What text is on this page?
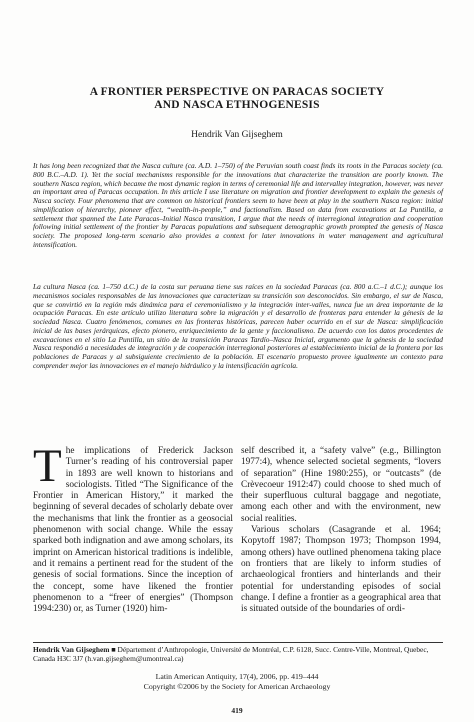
A FRONTIER PERSPECTIVE ON PARACAS SOCIETY
AND NASCA ETHNOGENESIS
Hendrik Van Gijseghem
It has long been recognized that the Nasca culture (ca. A.D. 1–750) of the Peruvian south coast finds its roots in the Paracas society (ca. 800 B.C.–A.D. 1). Yet the social mechanisms responsible for the innovations that characterize the transition are poorly known. The southern Nasca region, which became the most dynamic region in terms of ceremonial life and intervalley integration, however, was never an important area of Paracas occupation. In this article I use literature on migration and frontier development to explain the genesis of Nasca society. Four phenomena that are common on historical frontiers seem to have been at play in the southern Nasca region: initial simplification of hierarchy, pioneer effect, “wealth-in-people,” and factionalism. Based on data from excavations at La Puntilla, a settlement that spanned the Late Paracas–Initial Nasca transition, I argue that the needs of interregional integration and cooperation following initial settlement of the frontier by Paracas populations and subsequent demographic growth prompted the genesis of Nasca society. The proposed long-term scenario also provides a context for later innovations in water management and agricultural intensification.
La cultura Nasca (ca. 1–750 d.C.) de la costa sur peruana tiene sus raíces en la sociedad Paracas (ca. 800 a.C.–1 d.C.); aunque los mecanismos sociales responsables de las innovaciones que caracterizan su transición son desconocidos. Sin embargo, el sur de Nasca, que se convirtió en la región más dinámica para el ceremonialismo y la integración inter-valles, nunca fue un área importante de la ocupación Paracas. En este artículo utilizo literatura sobre la migración y el desarrollo de fronteras para entender la génesis de la sociedad Nasca. Cuatro fenómenos, comunes en las fronteras históricas, parecen haber ocurrido en el sur de Nasca: simplificación inicial de las bases jerárquicas, efecto pionero, enriquecimiento de la gente y faccionalismo. De acuerdo con los datos procedentes de excavaciones en el sitio La Puntilla, un sitio de la transición Paracas Tardío–Nasca Inicial, argumento que la génesis de la sociedad Nasca respondió a necesidades de integración y de cooperación interregional posteriores al establecimiento inicial de la frontera por las poblaciones de Paracas y al subsiguiente crecimiento de la población. El escenario propuesto provee igualmente un contexto para comprender mejor las innovaciones en el manejo hidráulico y la intensificación agrícola.

The implications of Frederick Jackson Turner’s reading of his controversial paper in 1893 are well known to historians and sociologists. Titled “The Significance of the Frontier in American History,” it marked the beginning of several decades of scholarly debate over the mechanisms that link the frontier as a geosocial phenomenon with social change. While the essay sparked both indignation and awe among scholars, its imprint on American historical traditions is indelible, and it remains a pertinent read for the student of the genesis of social formations. Since the inception of the concept, some have likened the frontier phenomenon to a “freer of energies” (Thompson 1994:230) or, as Turner (1920) him-

self described it, a “safety valve” (e.g., Billington 1977:4), whence selected societal segments, “lovers of separation” (Hine 1980:255), or “outcasts” (de Crèvecoeur 1912:47) could choose to shed much of their superfluous cultural baggage and negotiate, among each other and with the environment, new social realities.

Various scholars (Casagrande et al. 1964; Kopytoff 1987; Thompson 1973; Thompson 1994, among others) have outlined phenomena taking place on frontiers that are likely to inform studies of archaeological frontiers and hinterlands and their potential for understanding episodes of social change. I define a frontier as a geographical area that is situated outside of the boundaries of ordi-

Hendrik Van Gijseghem ■ Département d’Anthropologie, Université de Montréal, C.P. 6128, Succ. Centre-Ville, Montreal, Quebec, Canada H3C 3J7 (h.van.gijseghem@umontreal.ca)
Latin American Antiquity, 17(4), 2006, pp. 419–444
Copyright ©2006 by the Society for American Archaeology
419
